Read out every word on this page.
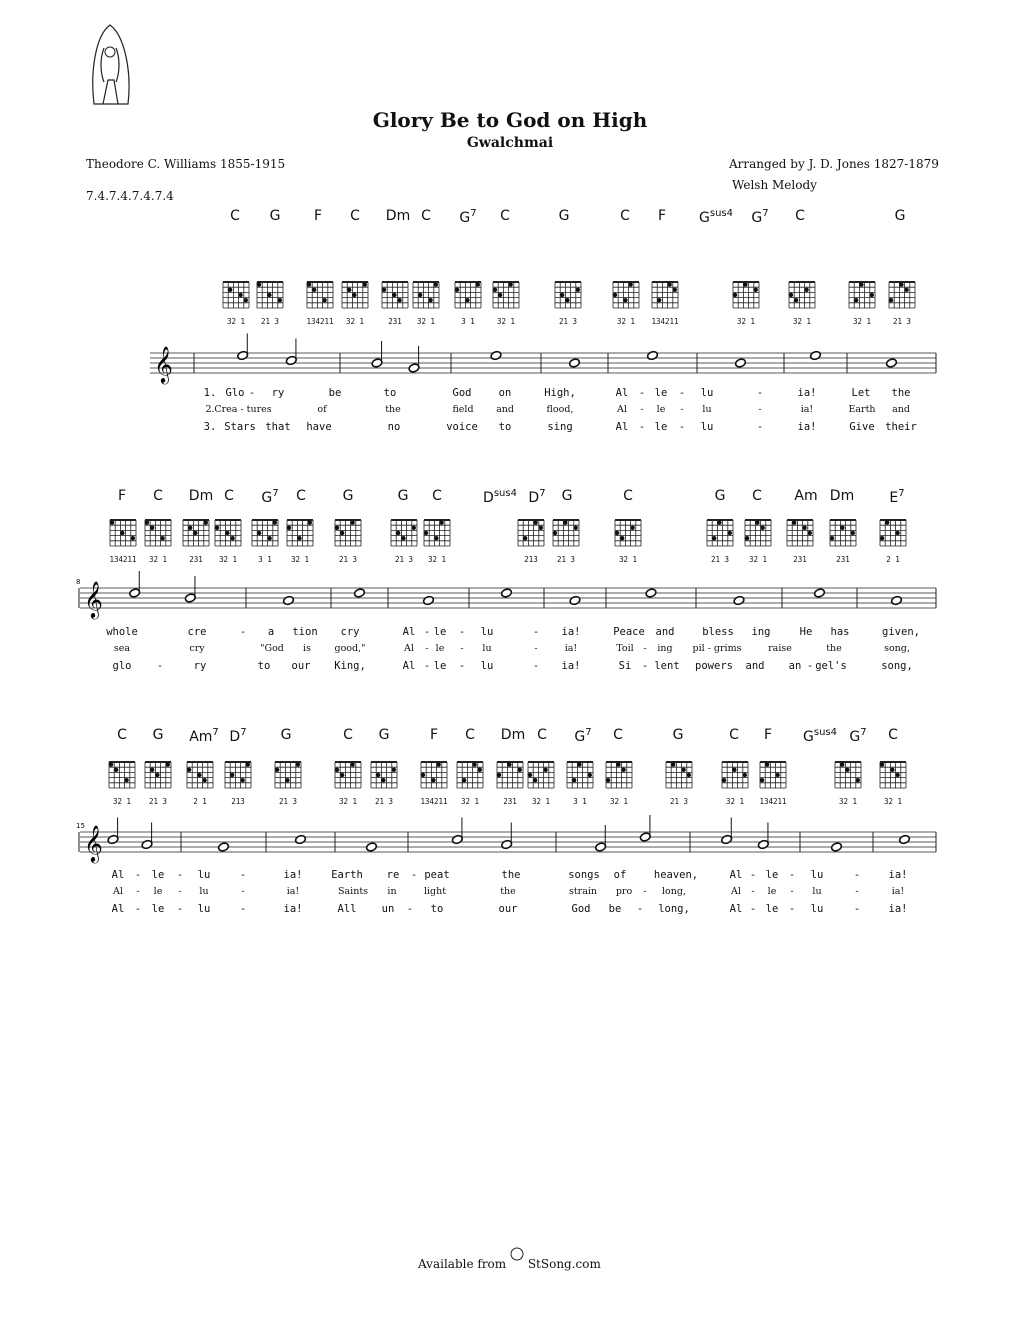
𝄞
𝄞
𝄞
Glory Be to God on High
Gwalchmai
Theodore C. Williams 1855-1915	Arranged by J. D. Jones 1827-1879
Welsh Melody
7.4.7.4.7.4.7.4
C G F C Dm C $G^7$ C	G	C F $G^{sus4}$ $G^7$ C	G
32 1 21 3	134211 32 1	231 32 1	3 1	32 1	21 3	32 1 134211	32 1	32 1	32 1	21 3
1. Glo - ry	be	to	God	on	High,	Al - le - lu	-	ia!	Let the
2. Crea - tures	of	the	field and	flood,	Al - le - lu	-	ia!	Earth and
3. Stars that have	no	voice to	sing	Al - le - lu	-	ia!	Give their
8
F C Dm C $G^7$ C	G	G C	$D^{sus4}$ $D^7$ G	C	G C Am Dm	$E^7$
134211 32 1	231 32 1	3 1	32 1	21 3	21 3 32 1	213	21 3	32 1	21 3	32 1	231	231	2 1
whole	cre	- a tion cry	Al - le - lu	- ia!	Peace and	bless ing	He has	given,
sea	cry	"God is good,"	Al - le - lu	-	ia!	Toil - ing pil - grims	raise	the	song,
glo -	ry	to our King,	Al - le - lu	- ia!	Si - lent powers and an - gel's	song,
15
C G Am$^7$ $D^7$ G	C G	F C Dm C $G^7$ C	G	C F $G^{sus4}$ $G^7$ C
32 1 21 3	2 1	213	21 3	32 1 21 3	134211 32 1	231 32 1	3 1	32 1	21 3	32 1 134211	32 1	32 1
Al - le - lu	-	ia!	Earth re - peat	the	songs of	heaven,	Al - le - lu	-	ia!
Al - le - lu	-	ia!	Saints in	light	the	strain pro - long,	Al - le - lu	-	ia!
Al - le - lu	-	ia!	All un - to	our	God be - long,	Al - le - lu	-	ia!
Available from StSong.com
